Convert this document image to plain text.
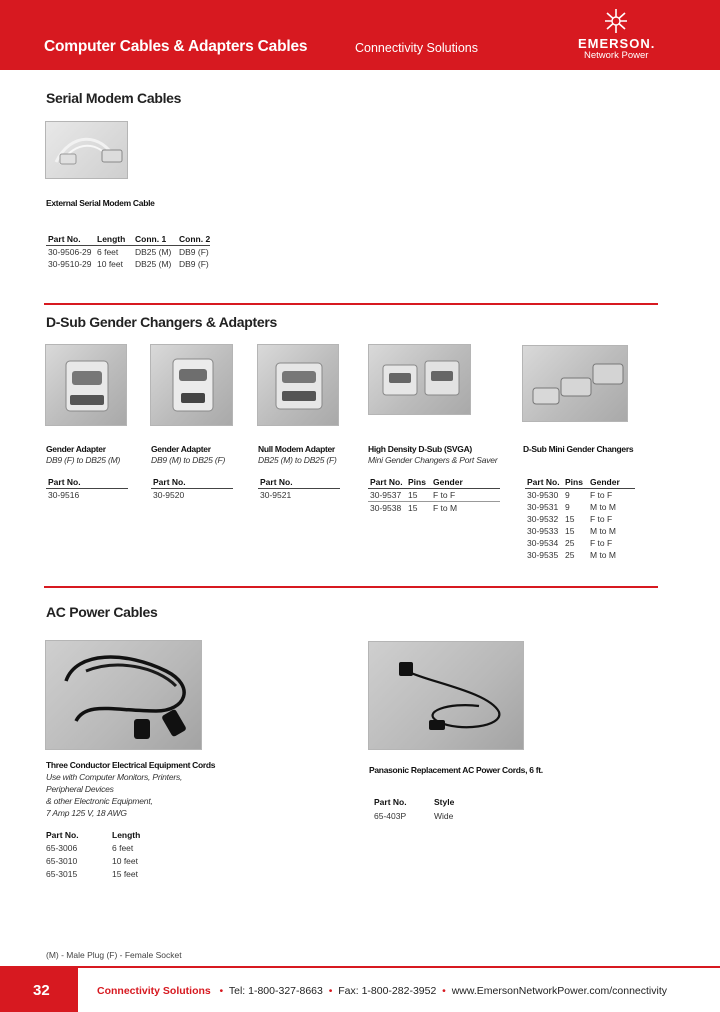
Computer Cables & Adapters Cables	Connectivity Solutions	EMERSON.
Network Power
Serial Modem Cables
External Serial Modem Cable
Part No. Length Conn. 1 Conn. 2
30-9506-29 6 feet DB25 (M) DB9 (F)
30-9510-29 10 feet DB25 (M) DB9 (F)
D-Sub Gender Changers & Adapters
Gender Adapter
DB9 (F) to DB25 (M)
Part No.
30-9516
Gender Adapter
DB9 (M) to DB25 (F)
Part No.
30-9520
Null Modem Adapter
DB25 (M) to DB25 (F)
Part No.
30-9521
High Density D-Sub (SVGA)
Mini Gender Changers & Port Saver
Part No. Pins Gender
30-9537 15 F to F
30-9538 15 F to M
D-Sub Mini Gender Changers
Part No. Pins Gender
30-9530 9 F to F
30-9531 9 M to M
30-9532 15 F to F
30-9533 15 M to M
30-9534 25 F to F
30-9535 25 M to M
AC Power Cables
Three Conductor Electrical Equipment Cords
Use with Computer Monitors, Printers,
Peripheral Devices
& other Electronic Equipment,
7 Amp 125 V, 18 AWG
Part No.	Length
65-3006	6 feet
65-3010	10 feet
65-3015	15 feet
Panasonic Replacement AC Power Cords, 6 ft.
Part No.	Style
65-403P	Wide
(M) - Male Plug (F) - Female Socket
32	Connectivity Solutions • Tel: 1-800-327-8663 • Fax: 1-800-282-3952 • www.EmersonNetworkPower.com/connectivity
